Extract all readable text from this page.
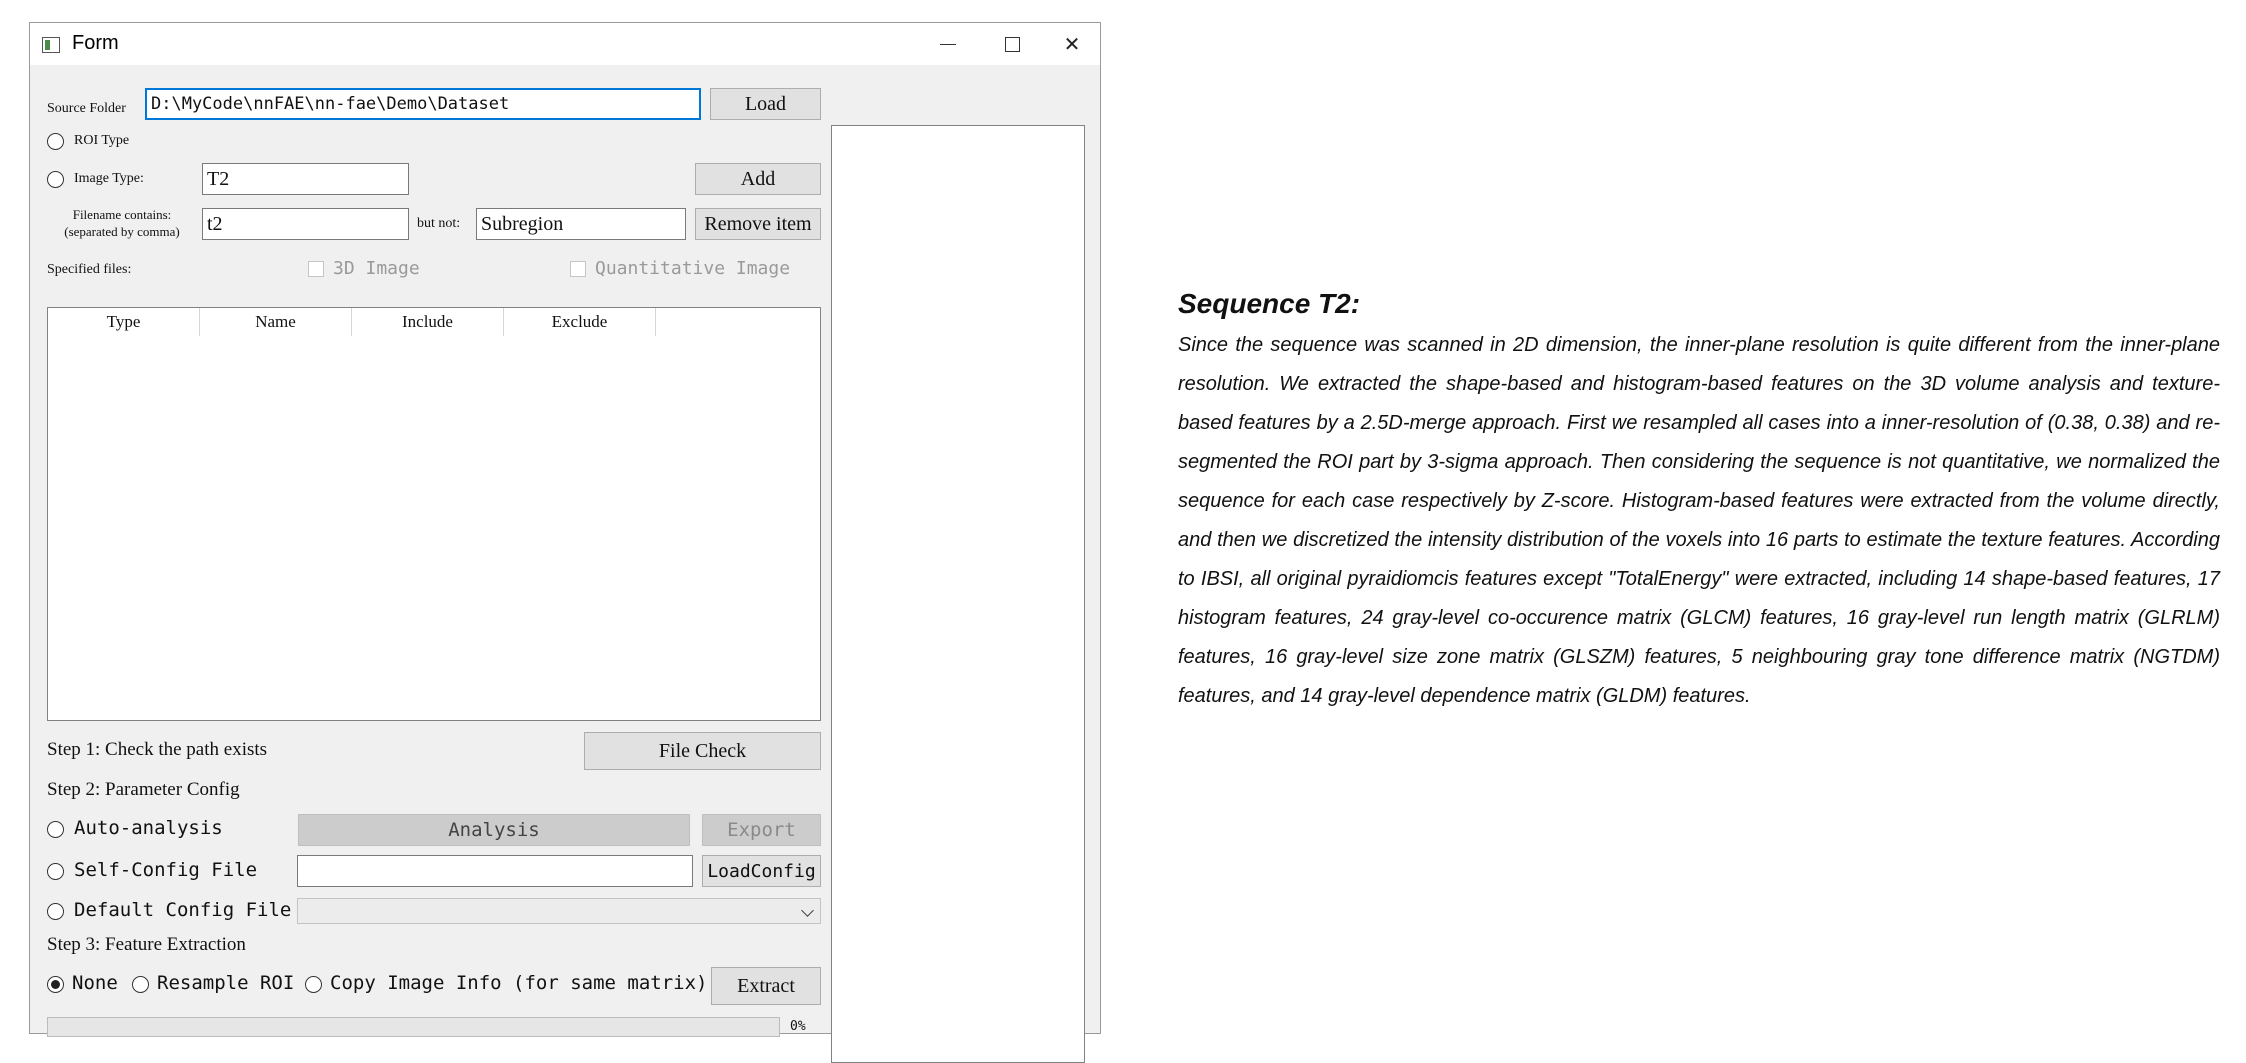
Form	✕
Source Folder	D:\MyCode\nnFAE\nn-fae\Demo\Dataset	Load
ROI Type
Image Type:	T2	Add
Filename contains:
(separated by comma)	t2	but not: Subregion	Remove item
Specified files:	3D Image	Quantitative Image
Type	Name	Include	Exclude
Step 1: Check the path exists	File Check
Step 2: Parameter Config
Auto-analysis	Analysis	Export
Self-Config File	LoadConfig
Default Config File
Step 3: Feature Extraction
None Resample ROI Copy Image Info (for same matrix)	Extract
0%
Sequence T2:

Since the sequence was scanned in 2D dimension, the inner-plane resolution is quite different from the inner-plane resolution. We extracted the shape-based and histogram-based features on the 3D volume analysis and texture-based features by a 2.5D-merge approach. First we resampled all cases into a inner-resolution of (0.38, 0.38) and re-segmented the ROI part by 3-sigma approach. Then considering the sequence is not quantitative, we normalized the sequence for each case respectively by Z-score. Histogram-based features were extracted from the volume directly, and then we discretized the intensity distribution of the voxels into 16 parts to estimate the texture features. According to IBSI, all original pyraidiomcis features except "TotalEnergy" were extracted, including 14 shape-based features, 17 histogram features, 24 gray-level co-occurence matrix (GLCM) features, 16 gray-level run length matrix (GLRLM) features, 16 gray-level size zone matrix (GLSZM) features, 5 neighbouring gray tone difference matrix (NGTDM) features, and 14 gray-level dependence matrix (GLDM) features.
